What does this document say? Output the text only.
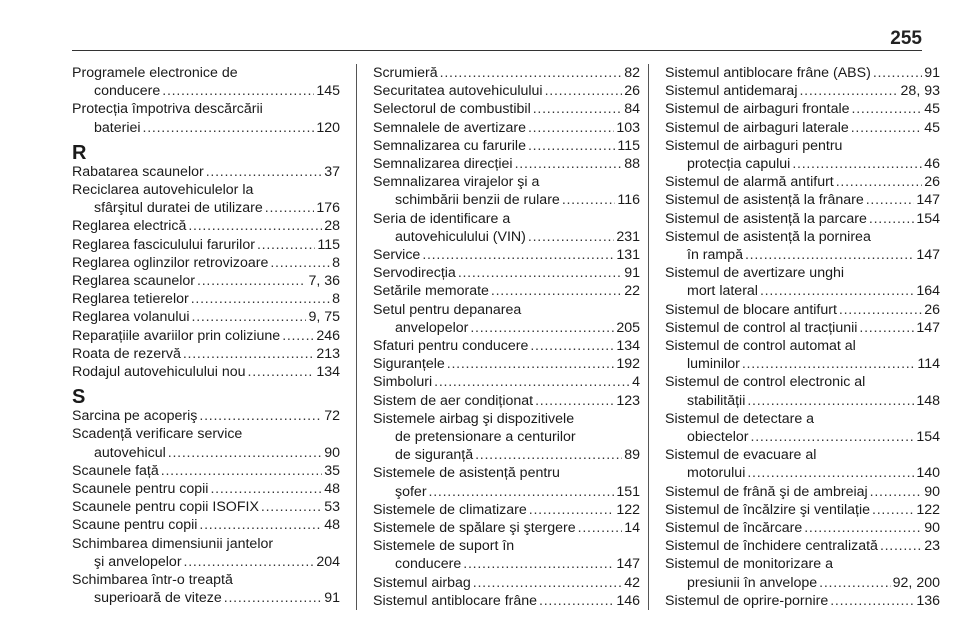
255
Programele electronice de
conducere . . .	145
Protecția împotriva descărcării
bateriei . . .	120
R
Rabatarea scaunelor . . .	37
Reciclarea autovehiculelor la
sfârşitul duratei de utilizare . . .	176
Reglarea electrică . . .	28
Reglarea fasciculului farurilor . . .	115
Reglarea oglinzilor retrovizoare . . .	8
Reglarea scaunelor . . .	7, 36
Reglarea tetierelor . . .	8
Reglarea volanului . . .	9, 75
Reparațiile avariilor prin coliziune . . .	246
Roata de rezervă . . .	213
Rodajul autovehiculului nou . . .	134
S
Sarcina pe acoperiş . . .	72
Scadență verificare service
autovehicul . . .	90
Scaunele față . . .	35
Scaunele pentru copii . . .	48
Scaunele pentru copii ISOFIX . . .	53
Scaune pentru copii . . .	48
Schimbarea dimensiunii jantelor
şi anvelopelor . . .	204
Schimbarea într-o treaptă
superioară de viteze . . .	91
Scrumieră . . .	82
Securitatea autovehiculului . . .	26
Selectorul de combustibil . . .	84
Semnalele de avertizare . . .	103
Semnalizarea cu farurile . . .	115
Semnalizarea direcției . . .	88
Semnalizarea virajelor şi a
schimbării benzii de rulare . . .	116
Seria de identificare a
autovehiculului (VIN) . . .	231
Service . . .	131
Servodirecția . . .	91
Setările memorate . . .	22
Setul pentru depanarea
anvelopelor . . .	205
Sfaturi pentru conducere . . .	134
Siguranțele . . .	192
Simboluri . . .	4
Sistem de aer condiționat . . .	123
Sistemele airbag şi dispozitivele
de pretensionare a centurilor
de siguranță . . .	89
Sistemele de asistență pentru
şofer . . .	151
Sistemele de climatizare . . .	122
Sistemele de spălare şi ştergere . . .	14
Sistemele de suport în
conducere . . .	147
Sistemul airbag . . .	42
Sistemul antiblocare frâne . . .	146
Sistemul antiblocare frâne (ABS) . . .	91
Sistemul antidemaraj . . .	28, 93
Sistemul de airbaguri frontale . . .	45
Sistemul de airbaguri laterale . . .	45
Sistemul de airbaguri pentru
protecția capului . . .	46
Sistemul de alarmă antifurt . . .	26
Sistemul de asistență la frânare . . .	147
Sistemul de asistență la parcare . . .	154
Sistemul de asistență la pornirea
în rampă . . .	147
Sistemul de avertizare unghi
mort lateral . . .	164
Sistemul de blocare antifurt . . .	26
Sistemul de control al tracțiunii . . .	147
Sistemul de control automat al
luminilor . . .	114
Sistemul de control electronic al
stabilității . . .	148
Sistemul de detectare a
obiectelor . . .	154
Sistemul de evacuare al
motorului . . .	140
Sistemul de frână şi de ambreiaj . . .	90
Sistemul de încălzire şi ventilație . . .	122
Sistemul de încărcare . . .	90
Sistemul de închidere centralizată . . .	23
Sistemul de monitorizare a
presiunii în anvelope . . .	92, 200
Sistemul de oprire-pornire . . .	136
